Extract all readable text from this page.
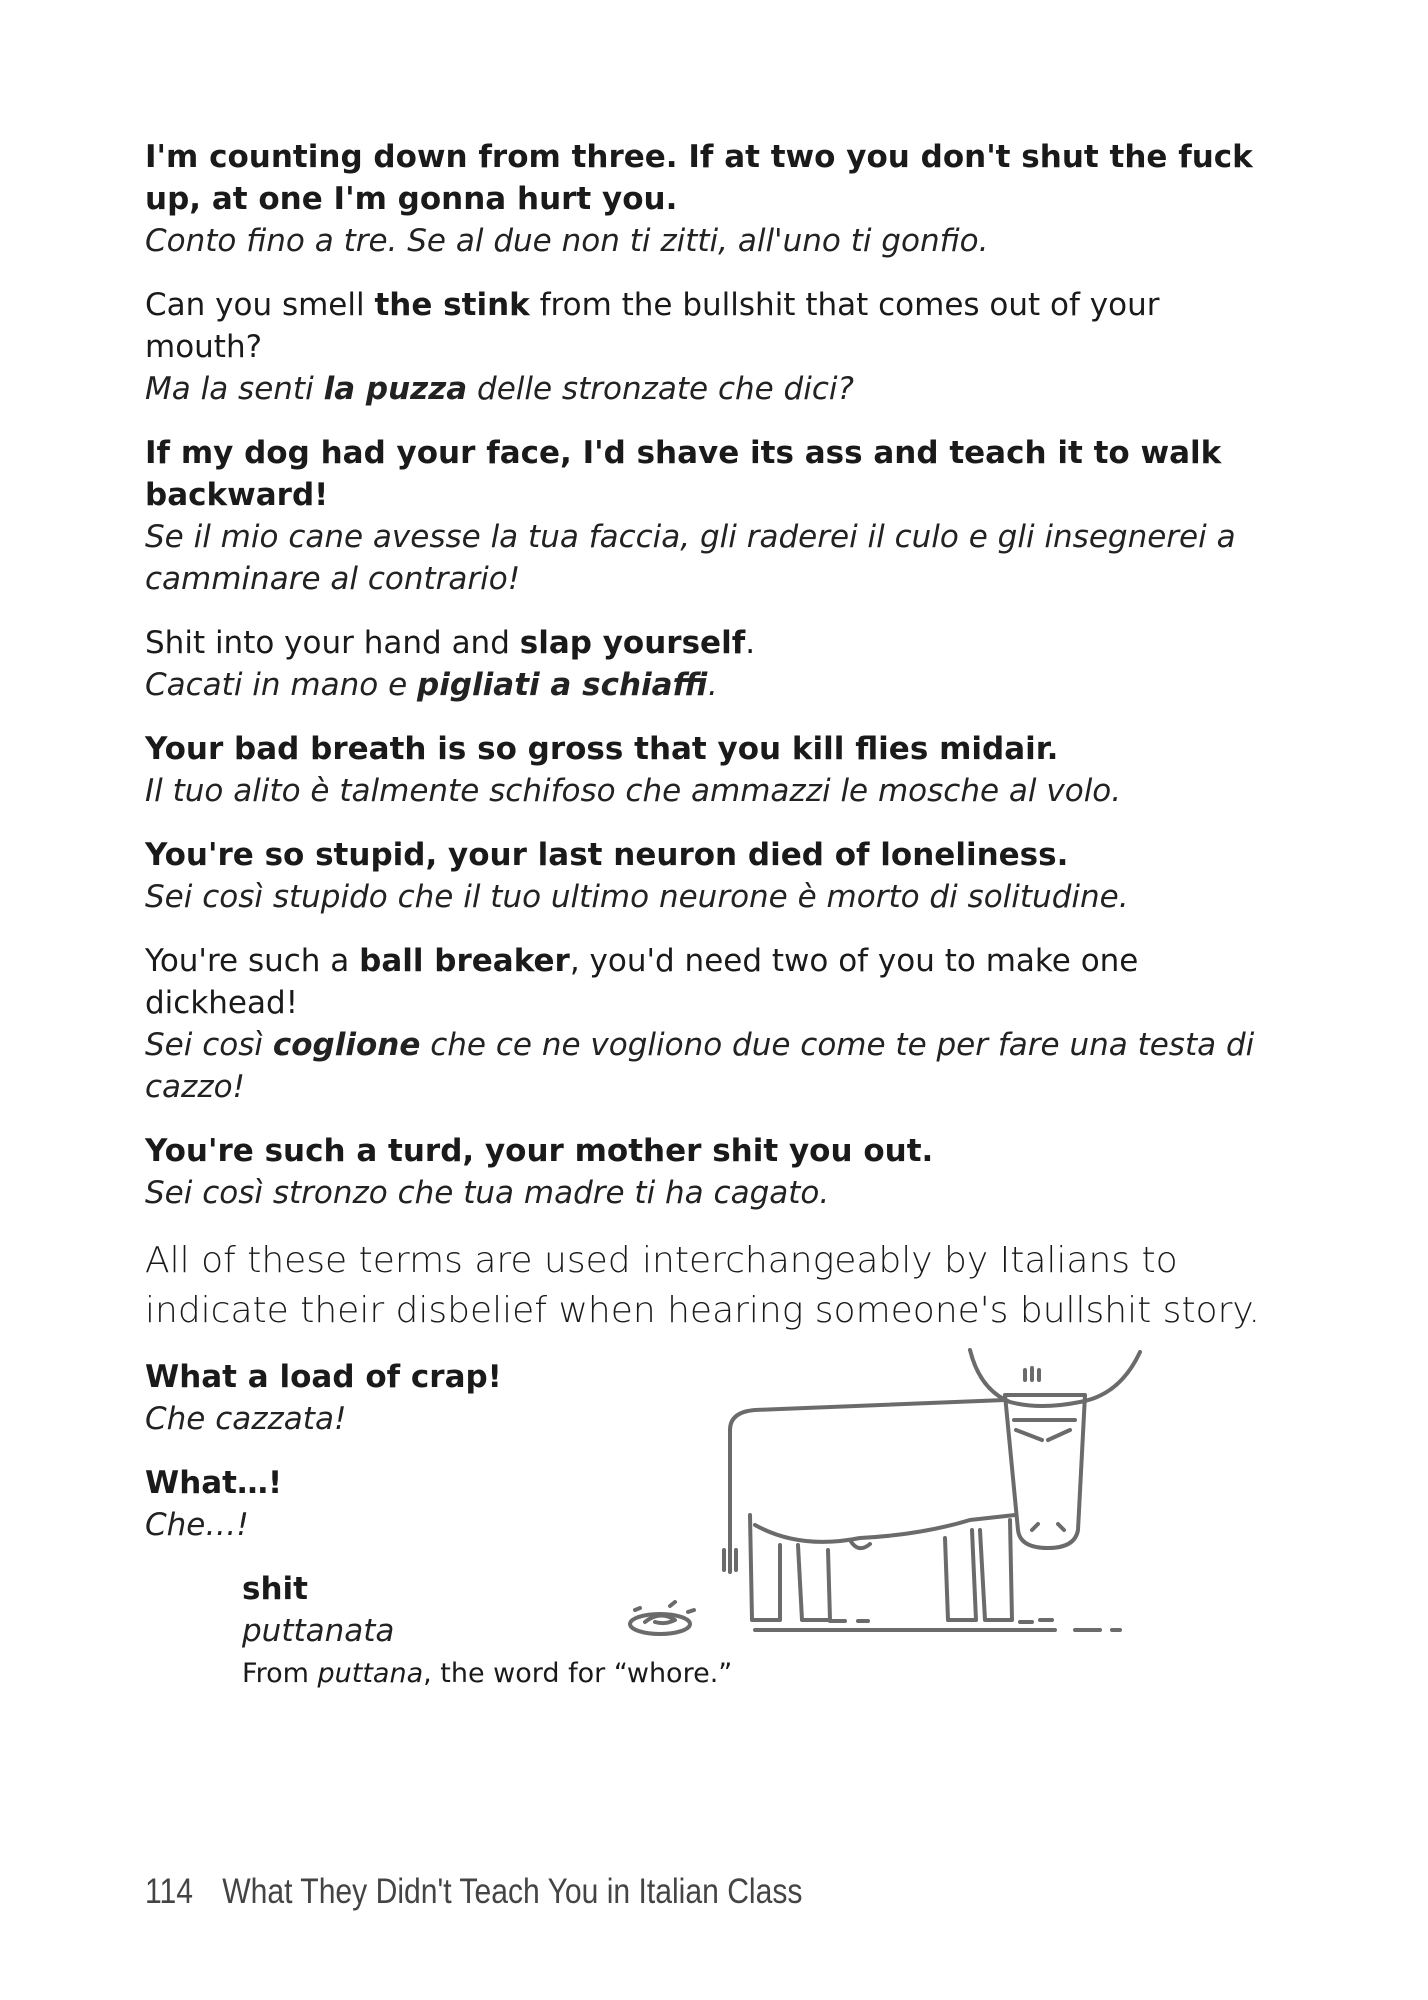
I'm counting down from three. If at two you don't shut the fuck up, at one I'm gonna hurt you.

Conto fino a tre. Se al due non ti zitti, all'uno ti gonfio.

Can you smell the stink from the bullshit that comes out of your mouth?

Ma la senti la puzza delle stronzate che dici?

If my dog had your face, I'd shave its ass and teach it to walk backward!

Se il mio cane avesse la tua faccia, gli raderei il culo e gli insegnerei a camminare al contrario!

Shit into your hand and slap yourself.

Cacati in mano e pigliati a schiaffi.

Your bad breath is so gross that you kill flies midair.

Il tuo alito è talmente schifoso che ammazzi le mosche al volo.

You're so stupid, your last neuron died of loneliness.

Sei così stupido che il tuo ultimo neurone è morto di solitudine.

You're such a ball breaker, you'd need two of you to make one dickhead!

Sei così coglione che ce ne vogliono due come te per fare una testa di cazzo!

You're such a turd, your mother shit you out.

Sei così stronzo che tua madre ti ha cagato.

All of these terms are used interchangeably by Italians to indicate their disbelief when hearing someone's bullshit story.

What a load of crap!

Che cazzata!

What…!

Che…!

shit

puttanata

From puttana, the word for “whore.”

114 What They Didn't Teach You in Italian Class
